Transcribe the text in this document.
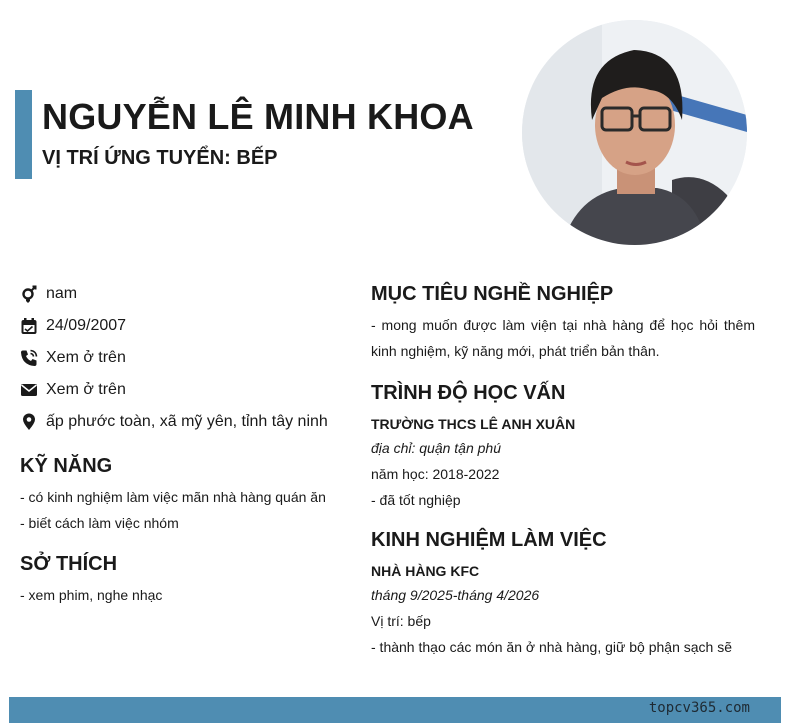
NGUYỄN LÊ MINH KHOA
VỊ TRÍ ỨNG TUYỂN: BẾP
nam
24/09/2007
Xem ở trên
Xem ở trên
ấp phước toàn, xã mỹ yên, tỉnh tây ninh
KỸ NĂNG
- có kinh nghiệm làm việc mãn nhà hàng quán ăn
- biết cách làm việc nhóm
SỞ THÍCH
- xem phim, nghe nhạc
MỤC TIÊU NGHỀ NGHIỆP
- mong muốn được làm viện tại nhà hàng để học hỏi thêm kinh nghiệm, kỹ năng mới, phát triển bản thân.
TRÌNH ĐỘ HỌC VẤN
TRƯỜNG THCS LÊ ANH XUÂN
địa chỉ: quận tận phú
năm học: 2018-2022
- đã tốt nghiệp
KINH NGHIỆM LÀM VIỆC
NHÀ HÀNG KFC
tháng 9/2025-tháng 4/2026
Vị trí: bếp
- thành thạo các món ăn ở nhà hàng, giữ bộ phận sạch sẽ
topcv365.com
